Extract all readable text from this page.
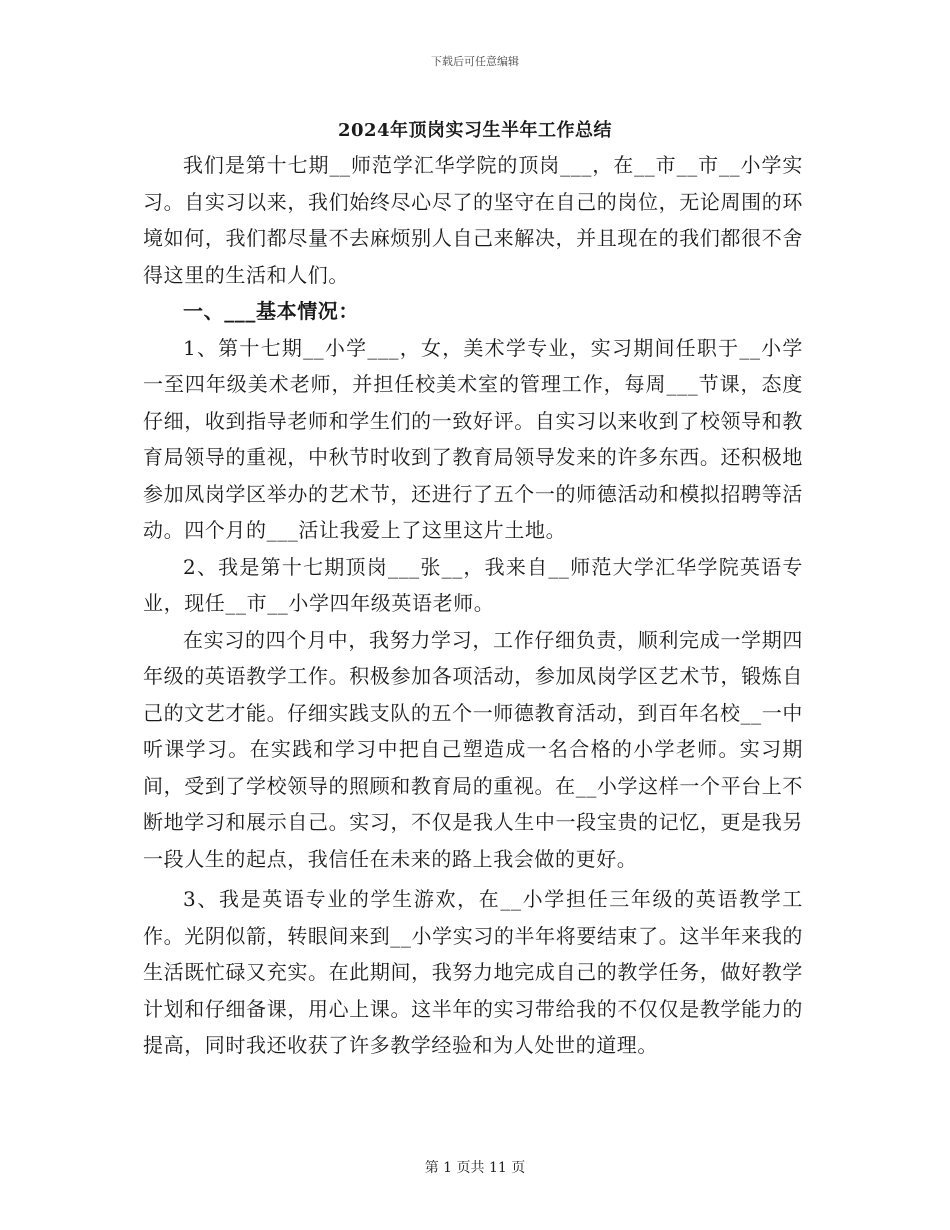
下载后可任意编辑
2024年顶岗实习生半年工作总结

我们是第十七期__师范学汇华学院的顶岗___，在__市__市__小学实习。自实习以来，我们始终尽心尽了的坚守在自己的岗位，无论周围的环境如何，我们都尽量不去麻烦别人自己来解决，并且现在的我们都很不舍得这里的生活和人们。

一、___基本情况：

1、第十七期__小学___，女，美术学专业，实习期间任职于__小学一至四年级美术老师，并担任校美术室的管理工作，每周___节课，态度仔细，收到指导老师和学生们的一致好评。自实习以来收到了校领导和教育局领导的重视，中秋节时收到了教育局领导发来的许多东西。还积极地参加凤岗学区举办的艺术节，还进行了五个一的师德活动和模拟招聘等活动。四个月的___活让我爱上了这里这片土地。

2、我是第十七期顶岗___张__，我来自__师范大学汇华学院英语专业，现任__市__小学四年级英语老师。

在实习的四个月中，我努力学习，工作仔细负责，顺利完成一学期四年级的英语教学工作。积极参加各项活动，参加凤岗学区艺术节，锻炼自己的文艺才能。仔细实践支队的五个一师德教育活动，到百年名校__一中听课学习。在实践和学习中把自己塑造成一名合格的小学老师。实习期间，受到了学校领导的照顾和教育局的重视。在__小学这样一个平台上不断地学习和展示自己。实习，不仅是我人生中一段宝贵的记忆，更是我另一段人生的起点，我信任在未来的路上我会做的更好。

3、我是英语专业的学生游欢，在__小学担任三年级的英语教学工作。光阴似箭，转眼间来到__小学实习的半年将要结束了。这半年来我的生活既忙碌又充实。在此期间，我努力地完成自己的教学任务，做好教学计划和仔细备课，用心上课。这半年的实习带给我的不仅仅是教学能力的提高，同时我还收获了许多教学经验和为人处世的道理。

第 1 页共 11 页
